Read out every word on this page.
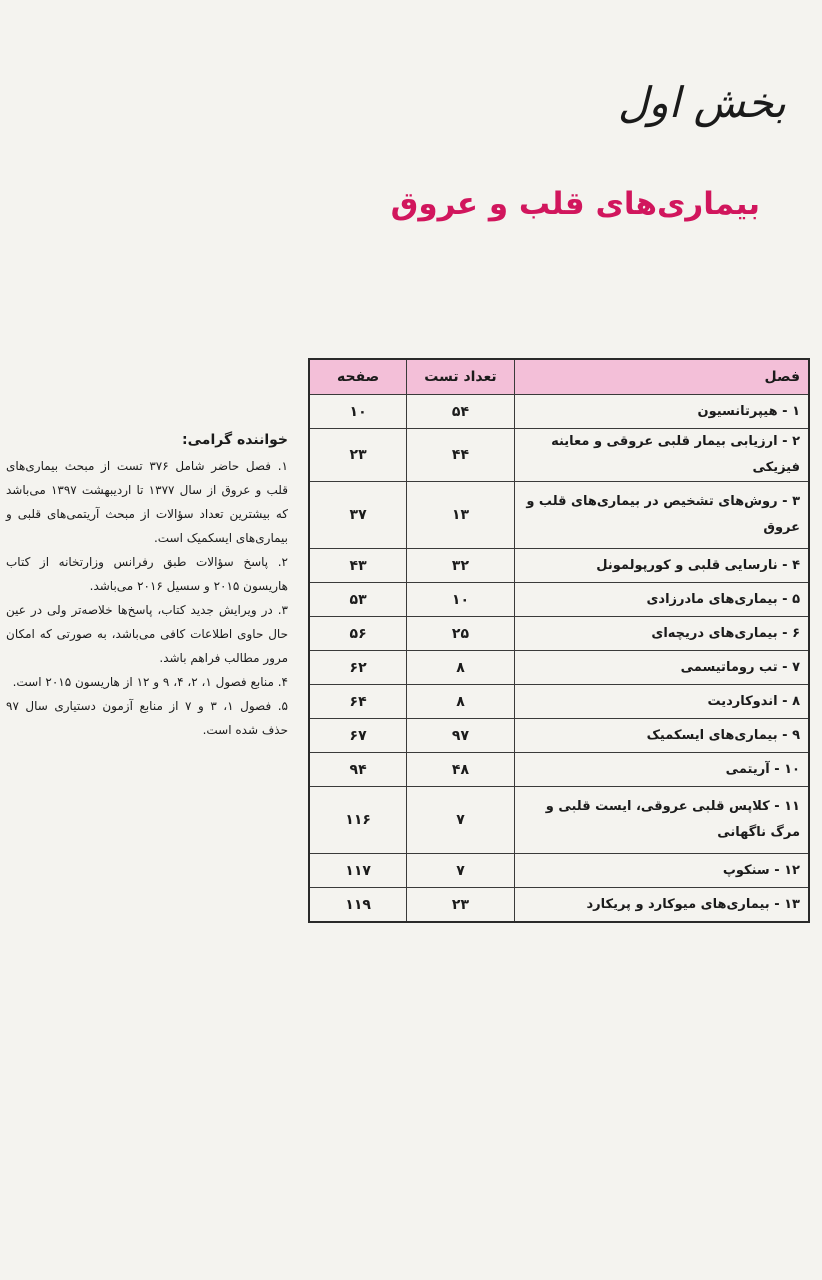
بخش اول
بیماری‌های قلب و عروق
فصل	تعداد تست	صفحه
۱ - هیپرتانسیون	۵۴	۱۰
۲ - ارزیابی بیمار قلبی عروقی و معاینه فیزیکی	۴۴	۲۳
۳ - روش‌های تشخیص در بیماری‌های قلب و عروق	۱۳	۳۷
۴ - نارسایی قلبی و کورپولمونل	۳۲	۴۳
۵ - بیماری‌های مادرزادی	۱۰	۵۳
۶ - بیماری‌های دریچه‌ای	۲۵	۵۶
۷ - تب روماتیسمی	۸	۶۲
۸ - اندوکاردیت	۸	۶۴
۹ - بیماری‌های ایسکمیک	۹۷	۶۷
۱۰ - آریتمی	۴۸	۹۴
۱۱ - کلاپس قلبی عروقی، ایست قلبی و مرگ ناگهانی	۷	۱۱۶
۱۲ - سنکوپ	۷	۱۱۷
۱۳ - بیماری‌های میوکارد و پریکارد	۲۳	۱۱۹
خواننده گرامی:
۱. فصل حاضر شامل ۳۷۶ تست از مبحث بیماری‌های قلب و عروق از سال ۱۳۷۷ تا اردیبهشت ۱۳۹۷ می‌باشد که بیشترین تعداد سؤالات از مبحث آریتمی‌های قلبی و بیماری‌های ایسکمیک است.
۲. پاسخ سؤالات طبق رفرانس وزارتخانه از کتاب هاریسون ۲۰۱۵ و سسیل ۲۰۱۶ می‌باشد.
۳. در ویرایش جدید کتاب، پاسخ‌ها خلاصه‌تر ولی در عین حال حاوی اطلاعات کافی می‌باشد، به صورتی که امکان مرور مطالب فراهم باشد.
۴. منابع فصول ۱، ۲، ۴، ۹ و ۱۲ از هاریسون ۲۰۱۵ است.
۵. فصول ۱، ۳ و ۷ از منابع آزمون دستیاری سال ۹۷ حذف شده است.
